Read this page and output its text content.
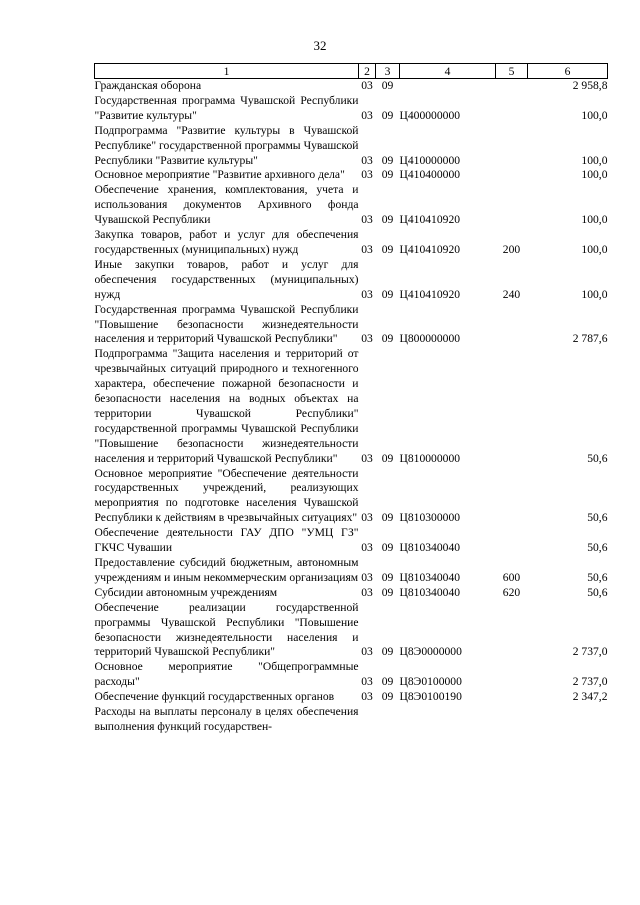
32
1	2	3	4	5	6
Гражданская оборона	03	09			2 958,8
Государственная программа Чувашской Республики "Развитие культуры"	03	09	Ц400000000		100,0
Подпрограмма "Развитие культуры в Чувашской Республике" государственной программы Чувашской Республики "Развитие культуры"	03	09	Ц410000000		100,0
Основное мероприятие "Развитие архивного дела"	03	09	Ц410400000		100,0
Обеспечение хранения, комплектования, учета и использования документов Архивного фонда Чувашской Республики	03	09	Ц410410920		100,0
Закупка товаров, работ и услуг для обеспечения государственных (муниципальных) нужд	03	09	Ц410410920	200	100,0
Иные закупки товаров, работ и услуг для обеспечения государственных (муниципальных) нужд	03	09	Ц410410920	240	100,0
Государственная программа Чувашской Республики "Повышение безопасности жизнедеятельности населения и территорий Чувашской Республики"	03	09	Ц800000000		2 787,6
Подпрограмма "Защита населения и территорий от чрезвычайных ситуаций природного и техногенного характера, обеспечение пожарной безопасности и безопасности населения на водных объектах на территории Чувашской Республики" государственной программы Чувашской Республики "Повышение безопасности жизнедеятельности населения и территорий Чувашской Республики"	03	09	Ц810000000		50,6
Основное мероприятие "Обеспечение деятельности государственных учреждений, реализующих мероприятия по подготовке населения Чувашской Республики к действиям в чрезвычайных ситуациях"	03	09	Ц810300000		50,6
Обеспечение деятельности ГАУ ДПО "УМЦ ГЗ" ГКЧС Чувашии	03	09	Ц810340040		50,6
Предоставление субсидий бюджетным, автономным учреждениям и иным некоммерческим организациям	03	09	Ц810340040	600	50,6
Субсидии автономным учреждениям	03	09	Ц810340040	620	50,6
Обеспечение реализации государственной программы Чувашской Республики "Повышение безопасности жизнедеятельности населения и территорий Чувашской Республики"	03	09	Ц8Э0000000		2 737,0
Основное мероприятие "Общепрограммные расходы"	03	09	Ц8Э0100000		2 737,0
Обеспечение функций государственных органов	03	09	Ц8Э0100190		2 347,2
Расходы на выплаты персоналу в целях обеспечения выполнения функций государствен-					
